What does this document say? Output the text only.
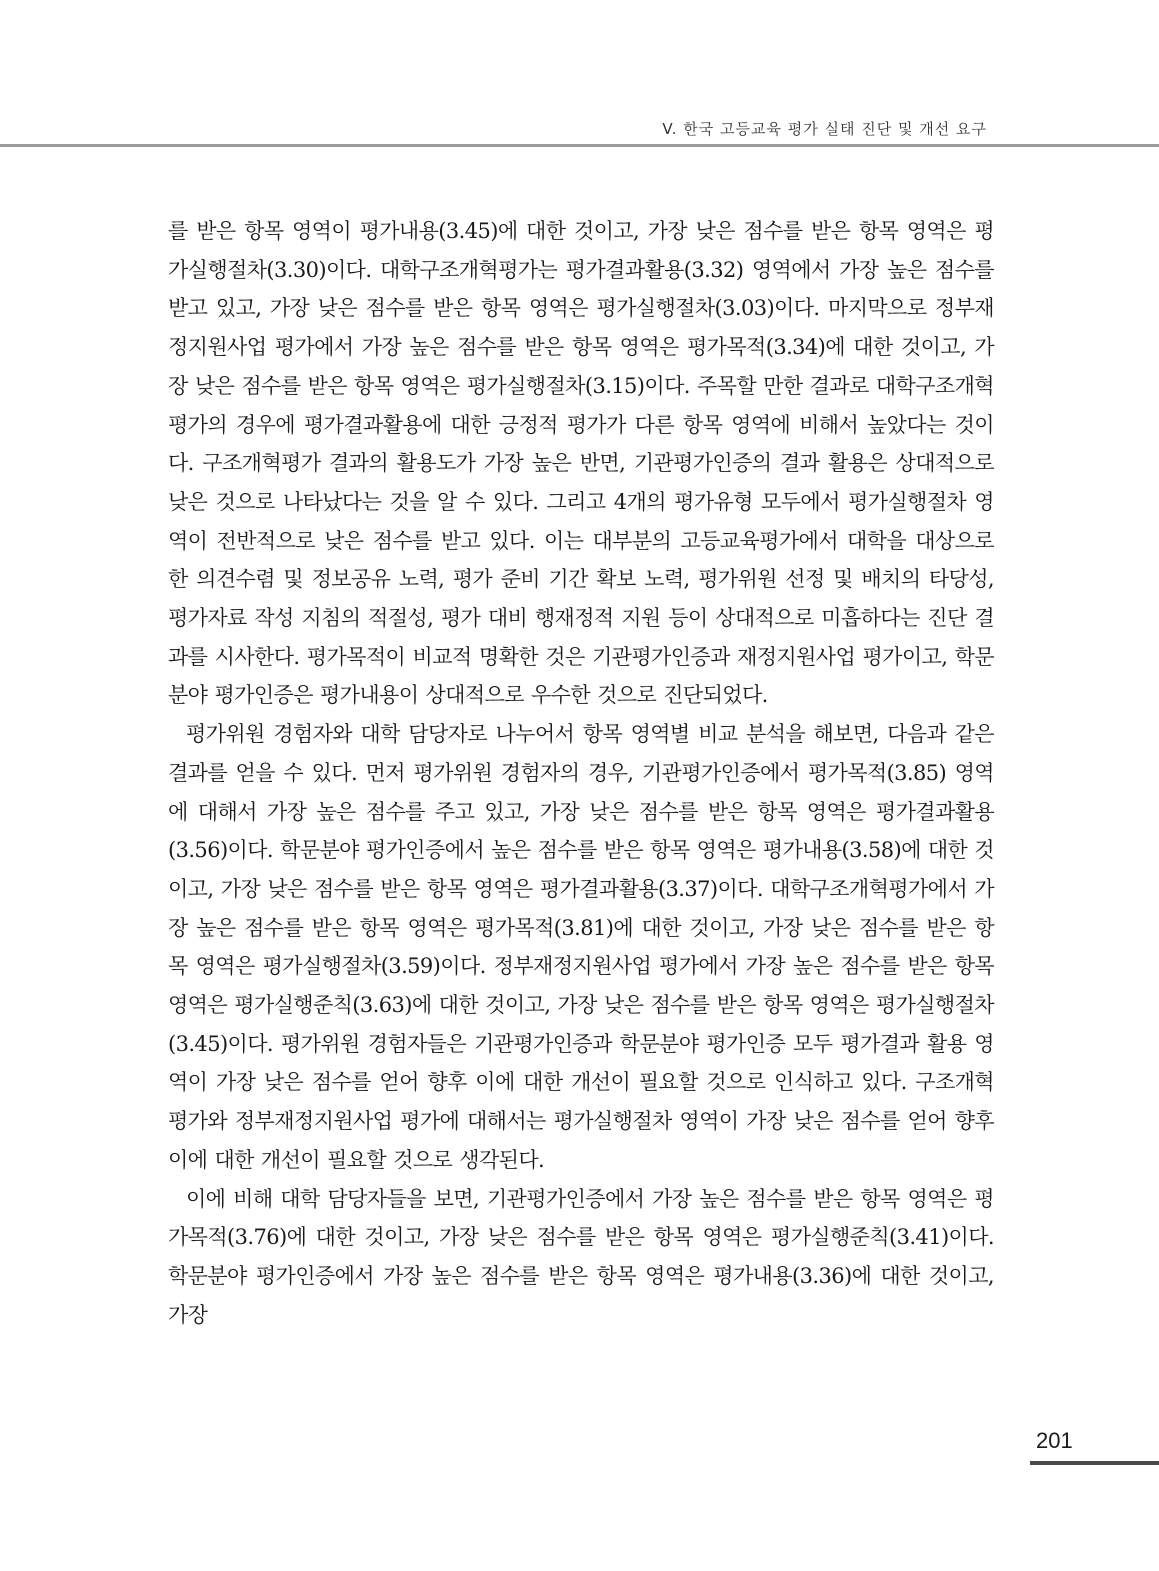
V. 한국 고등교육 평가 실태 진단 및 개선 요구

를 받은 항목 영역이 평가내용(3.45)에 대한 것이고, 가장 낮은 점수를 받은 항목 영역은 평가실행절차(3.30)이다. 대학구조개혁평가는 평가결과활용(3.32) 영역에서 가장 높은 점수를 받고 있고, 가장 낮은 점수를 받은 항목 영역은 평가실행절차(3.03)이다. 마지막으로 정부재정지원사업 평가에서 가장 높은 점수를 받은 항목 영역은 평가목적(3.34)에 대한 것이고, 가장 낮은 점수를 받은 항목 영역은 평가실행절차(3.15)이다. 주목할 만한 결과로 대학구조개혁평가의 경우에 평가결과활용에 대한 긍정적 평가가 다른 항목 영역에 비해서 높았다는 것이다. 구조개혁평가 결과의 활용도가 가장 높은 반면, 기관평가인증의 결과 활용은 상대적으로 낮은 것으로 나타났다는 것을 알 수 있다. 그리고 4개의 평가유형 모두에서 평가실행절차 영역이 전반적으로 낮은 점수를 받고 있다. 이는 대부분의 고등교육평가에서 대학을 대상으로 한 의견수렴 및 정보공유 노력, 평가 준비 기간 확보 노력, 평가위원 선정 및 배치의 타당성, 평가자료 작성 지침의 적절성, 평가 대비 행재정적 지원 등이 상대적으로 미흡하다는 진단 결과를 시사한다. 평가목적이 비교적 명확한 것은 기관평가인증과 재정지원사업 평가이고, 학문분야 평가인증은 평가내용이 상대적으로 우수한 것으로 진단되었다.

평가위원 경험자와 대학 담당자로 나누어서 항목 영역별 비교 분석을 해보면, 다음과 같은 결과를 얻을 수 있다. 먼저 평가위원 경험자의 경우, 기관평가인증에서 평가목적(3.85) 영역에 대해서 가장 높은 점수를 주고 있고, 가장 낮은 점수를 받은 항목 영역은 평가결과활용(3.56)이다. 학문분야 평가인증에서 높은 점수를 받은 항목 영역은 평가내용(3.58)에 대한 것이고, 가장 낮은 점수를 받은 항목 영역은 평가결과활용(3.37)이다. 대학구조개혁평가에서 가장 높은 점수를 받은 항목 영역은 평가목적(3.81)에 대한 것이고, 가장 낮은 점수를 받은 항목 영역은 평가실행절차(3.59)이다. 정부재정지원사업 평가에서 가장 높은 점수를 받은 항목 영역은 평가실행준칙(3.63)에 대한 것이고, 가장 낮은 점수를 받은 항목 영역은 평가실행절차(3.45)이다. 평가위원 경험자들은 기관평가인증과 학문분야 평가인증 모두 평가결과 활용 영역이 가장 낮은 점수를 얻어 향후 이에 대한 개선이 필요할 것으로 인식하고 있다. 구조개혁평가와 정부재정지원사업 평가에 대해서는 평가실행절차 영역이 가장 낮은 점수를 얻어 향후 이에 대한 개선이 필요할 것으로 생각된다.

이에 비해 대학 담당자들을 보면, 기관평가인증에서 가장 높은 점수를 받은 항목 영역은 평가목적(3.76)에 대한 것이고, 가장 낮은 점수를 받은 항목 영역은 평가실행준칙(3.41)이다. 학문분야 평가인증에서 가장 높은 점수를 받은 항목 영역은 평가내용(3.36)에 대한 것이고, 가장

201
